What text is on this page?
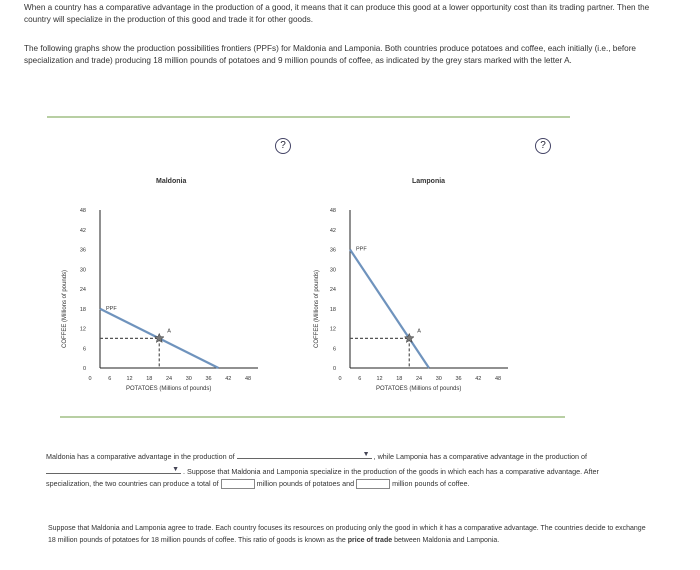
When a country has a comparative advantage in the production of a good, it means that it can produce this good at a lower opportunity cost than its trading partner. Then the country will specialize in the production of this good and trade it for other goods.
The following graphs show the production possibilities frontiers (PPFs) for Maldonia and Lamponia. Both countries produce potatoes and coffee, each initially (i.e., before specialization and trade) producing 18 million pounds of potatoes and 9 million pounds of coffee, as indicated by the grey stars marked with the letter A.
?
Maldonia
?
Lamponia
48
42
36
30
24
18
12
6
0
0	6	12 18 24 30 36 42 48
COFFEE (Millions of pounds)
POTATOES (Millions of pounds)
PPF
A
48
42
36
30
24
18
12
6
0
0	6	12 18 24 30 36 42 48
COFFEE (Millions of pounds)
POTATOES (Millions of pounds)
PPF
A
Maldonia has a comparative advantage in the production of	▼ , while Lamponia has a comparative advantage in the production of
▼ . Suppose that Maldonia and Lamponia specialize in the production of the goods in which each has a comparative advantage. After specialization, the two countries can produce a total of	million pounds of potatoes and	million pounds of coffee.
Suppose that Maldonia and Lamponia agree to trade. Each country focuses its resources on producing only the good in which it has a comparative advantage. The countries decide to exchange 18 million pounds of potatoes for 18 million pounds of coffee. This ratio of goods is known as the price of trade between Maldonia and Lamponia.
